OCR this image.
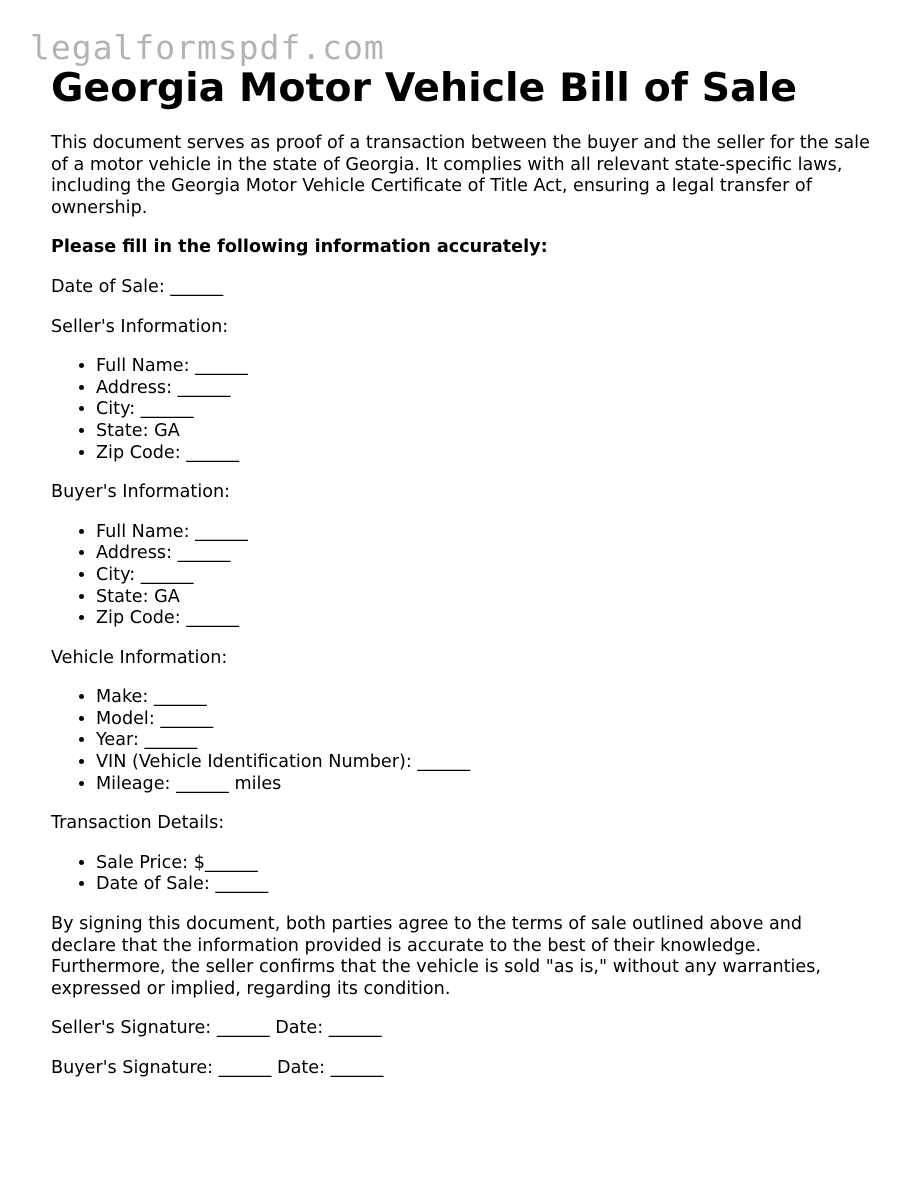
legalformspdf.com
Georgia Motor Vehicle Bill of Sale

This document serves as proof of a transaction between the buyer and the seller for the sale of a motor vehicle in the state of Georgia. It complies with all relevant state-specific laws, including the Georgia Motor Vehicle Certificate of Title Act, ensuring a legal transfer of ownership.

Please fill in the following information accurately:

Date of Sale: ______

Seller's Information:

• Full Name: ______
• Address: ______
• City: ______
• State: GA
• Zip Code: ______

Buyer's Information:

• Full Name: ______
• Address: ______
• City: ______
• State: GA
• Zip Code: ______

Vehicle Information:

• Make: ______
• Model: ______
• Year: ______
• VIN (Vehicle Identification Number): ______
• Mileage: ______ miles

Transaction Details:

• Sale Price: $______
• Date of Sale: ______

By signing this document, both parties agree to the terms of sale outlined above and declare that the information provided is accurate to the best of their knowledge. Furthermore, the seller confirms that the vehicle is sold "as is," without any warranties, expressed or implied, regarding its condition.

Seller's Signature: ______ Date: ______

Buyer's Signature: ______ Date: ______
